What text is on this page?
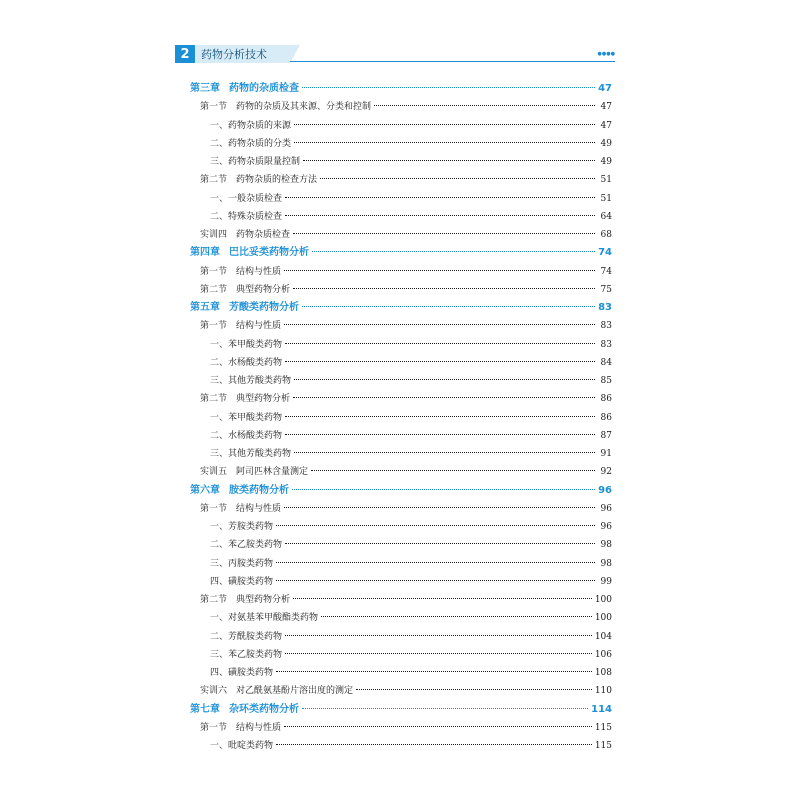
2	药物分析技术	●●●●
第三章 药物的杂质检查	47
第一节 药物的杂质及其来源、分类和控制	47
一、药物杂质的来源	47
二、药物杂质的分类	49
三、药物杂质限量控制	49
第二节 药物杂质的检查方法	51
一、一般杂质检查	51
二、特殊杂质检查	64
实训四 药物杂质检查	68
第四章 巴比妥类药物分析	74
第一节 结构与性质	74
第二节 典型药物分析	75
第五章 芳酸类药物分析	83
第一节 结构与性质	83
一、苯甲酸类药物	83
二、水杨酸类药物	84
三、其他芳酸类药物	85
第二节 典型药物分析	86
一、苯甲酸类药物	86
二、水杨酸类药物	87
三、其他芳酸类药物	91
实训五 阿司匹林含量测定	92
第六章 胺类药物分析	96
第一节 结构与性质	96
一、芳胺类药物	96
二、苯乙胺类药物	98
三、丙胺类药物	98
四、磺胺类药物	99
第二节 典型药物分析	100
一、对氨基苯甲酸酯类药物	100
二、芳酰胺类药物	104
三、苯乙胺类药物	106
四、磺胺类药物	108
实训六 对乙酰氨基酚片溶出度的测定	110
第七章 杂环类药物分析	114
第一节 结构与性质	115
一、吡啶类药物	115
